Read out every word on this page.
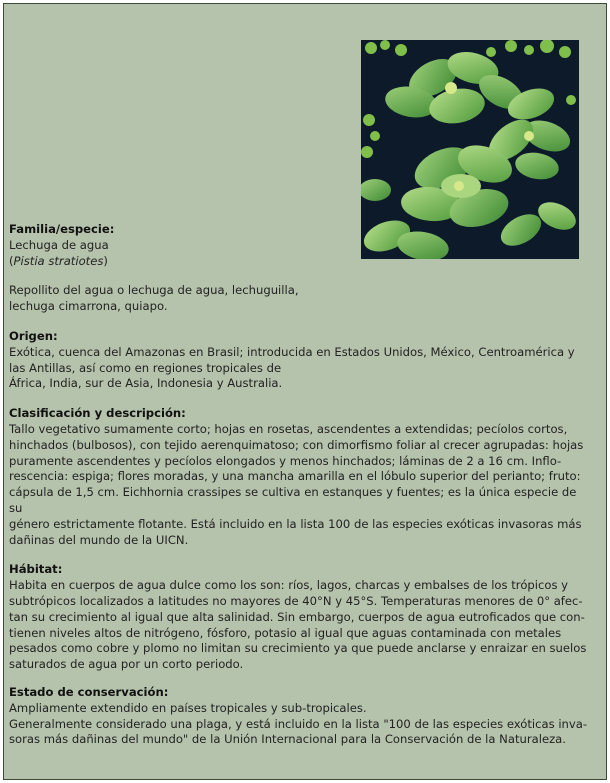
Familia/especie:

Lechuga de agua

(Pistia stratiotes)

Repollito del agua o lechuga de agua, lechuguilla,

lechuga cimarrona, quiapo.

Origen:

Exótica, cuenca del Amazonas en Brasil; introducida en Estados Unidos, México, Centroamérica y

las Antillas, así como en regiones tropicales de

África, India, sur de Asia, Indonesia y Australia.

Clasificación y descripción:

Tallo vegetativo sumamente corto; hojas en rosetas, ascendentes a extendidas; pecíolos cortos,

hinchados (bulbosos), con tejido aerenquimatoso; con dimorfismo foliar al crecer agrupadas: hojas

puramente ascendentes y pecíolos elongados y menos hinchados; láminas de 2 a 16 cm. Inflo-

rescencia: espiga; flores moradas, y una mancha amarilla en el lóbulo superior del perianto; fruto:

cápsula de 1,5 cm. Eichhornia crassipes se cultiva en estanques y fuentes; es la única especie de su

género estrictamente flotante. Está incluido en la lista 100 de las especies exóticas invasoras más

dañinas del mundo de la UICN.

Hábitat:

Habita en cuerpos de agua dulce como los son: ríos, lagos, charcas y embalses de los trópicos y

subtrópicos localizados a latitudes no mayores de 40°N y 45°S. Temperaturas menores de 0° afec-

tan su crecimiento al igual que alta salinidad. Sin embargo, cuerpos de agua eutroficados que con-

tienen niveles altos de nitrógeno, fósforo, potasio al igual que aguas contaminada con metales

pesados como cobre y plomo no limitan su crecimiento ya que puede anclarse y enraizar en suelos

saturados de agua por un corto periodo.

Estado de conservación:

Ampliamente extendido en países tropicales y sub-tropicales.

Generalmente considerado una plaga, y está incluido en la lista "100 de las especies exóticas inva-

soras más dañinas del mundo" de la Unión Internacional para la Conservación de la Naturaleza.
